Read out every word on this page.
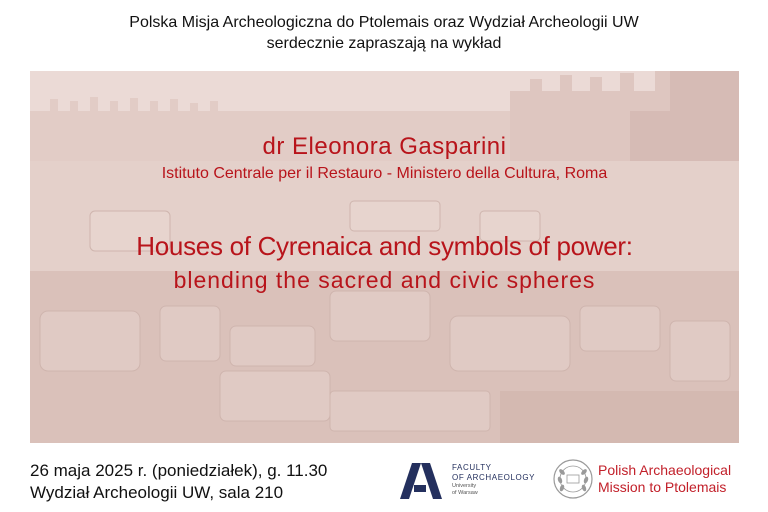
Polska Misja Archeologiczna do Ptolemais oraz Wydział Archeologii UW
serdecznie zapraszają na wykład
dr Eleonora Gasparini
Istituto Centrale per il Restauro - Ministero della Cultura, Roma
Houses of Cyrenaica and symbols of power:
blending the sacred and civic spheres
26 maja 2025 r. (poniedziałek), g. 11.30
Wydział Archeologii UW, sala 210
FACULTY
OF ARCHAEOLOGY
University
of Warsaw
Polish Archaeological
Mission to Ptolemais
